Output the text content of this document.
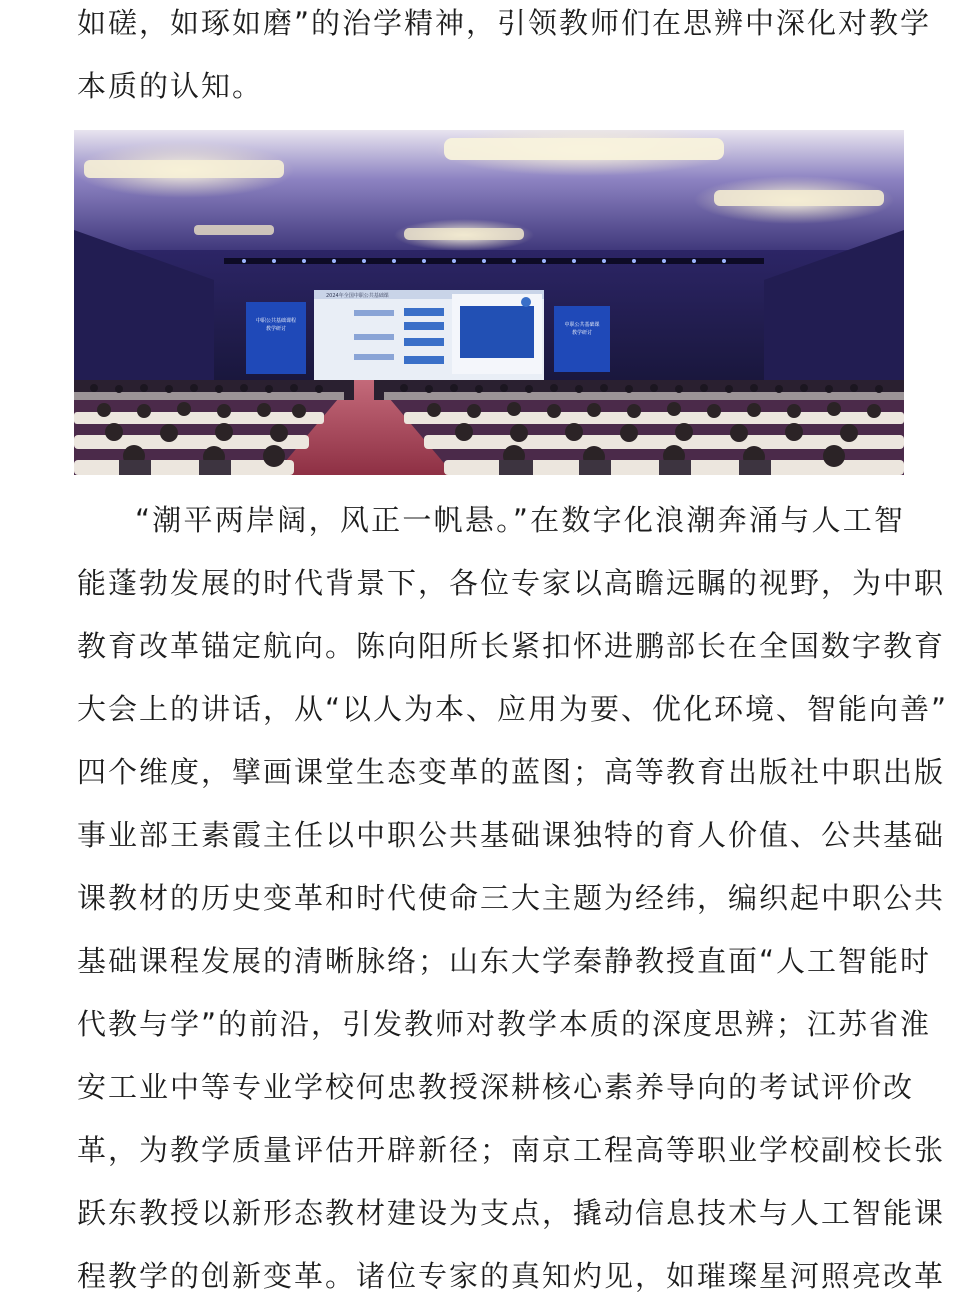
如磋，如琢如磨”的治学精神，引领教师们在思辨中深化对教学
本质的认知。
中职公共基础课程
教学研讨
2024年全国中职公共基础课
中职公共基础课
教学研讨
“潮平两岸阔，风正一帆悬。”在数字化浪潮奔涌与人工智
能蓬勃发展的时代背景下，各位专家以高瞻远瞩的视野，为中职
教育改革锚定航向。陈向阳所长紧扣怀进鹏部长在全国数字教育
大会上的讲话，从“以人为本、应用为要、优化环境、智能向善”
四个维度，擘画课堂生态变革的蓝图；高等教育出版社中职出版
事业部王素霞主任以中职公共基础课独特的育人价值、公共基础
课教材的历史变革和时代使命三大主题为经纬，编织起中职公共
基础课程发展的清晰脉络；山东大学秦静教授直面“人工智能时
代教与学”的前沿，引发教师对教学本质的深度思辨；江苏省淮
安工业中等专业学校何忠教授深耕核心素养导向的考试评价改
革，为教学质量评估开辟新径；南京工程高等职业学校副校长张
跃东教授以新形态教材建设为支点，撬动信息技术与人工智能课
程教学的创新变革。诸位专家的真知灼见，如璀璨星河照亮改革
